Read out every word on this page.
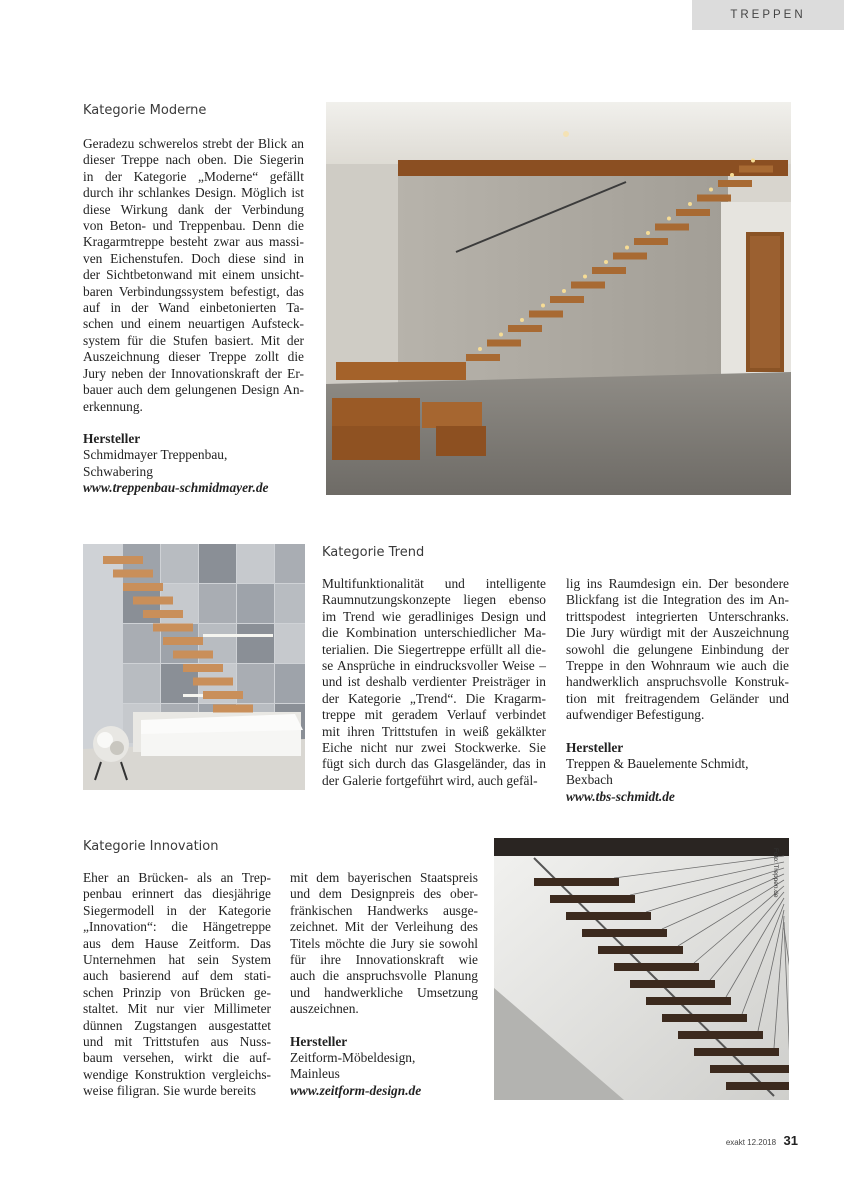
TREPPEN
Kategorie Moderne
Geradezu schwerelos strebt der Blick an
dieser Treppe nach oben. Die Siegerin
in der Kategorie „Moderne“ gefällt
durch ihr schlankes Design. Möglich ist
diese Wirkung dank der Verbindung
von Beton- und Treppenbau. Denn die
Kragarmtreppe besteht zwar aus massi-
ven Eichenstufen. Doch diese sind in
der Sichtbetonwand mit einem unsicht-
baren Verbindungssystem befestigt, das
auf in der Wand einbetonierten Ta-
schen und einem neuartigen Aufsteck-
system für die Stufen basiert. Mit der
Auszeichnung dieser Treppe zollt die
Jury neben der Innovationskraft der Er-
bauer auch dem gelungenen Design An-
erkennung.

Hersteller

Schmidmayer Treppenbau,

Schwabering

www.treppenbau-schmidmayer.de

Kategorie Trend
Multifunktionalität und intelligente
Raumnutzungskonzepte liegen ebenso
im Trend wie geradliniges Design und
die Kombination unterschiedlicher Ma-
terialien. Die Siegertreppe erfüllt all die-
se Ansprüche in eindrucksvoller Weise –
und ist deshalb verdienter Preisträger in
der Kategorie „Trend“. Die Kragarm-
treppe mit geradem Verlauf verbindet
mit ihren Trittstufen in weiß gekälkter
Eiche nicht nur zwei Stockwerke. Sie
fügt sich durch das Glasgeländer, das in
der Galerie fortgeführt wird, auch gefäl-
lig ins Raumdesign ein. Der besondere
Blickfang ist die Integration des im An-
trittspodest integrierten Unterschranks.
Die Jury würdigt mit der Auszeichnung
sowohl die gelungene Einbindung der
Treppe in den Wohnraum wie auch die
handwerklich anspruchsvolle Konstruk-
tion mit freitragendem Geländer und
aufwendiger Befestigung.

Hersteller

Treppen & Bauelemente Schmidt, Bexbach

www.tbs-schmidt.de

Kategorie Innovation
Eher an Brücken- als an Trep-
penbau erinnert das diesjährige
Siegermodell in der Kategorie
„Innovation“: die Hängetreppe
aus dem Hause Zeitform. Das
Unternehmen hat sein System
auch basierend auf dem stati-
schen Prinzip von Brücken ge-
staltet. Mit nur vier Millimeter
dünnen Zugstangen ausgestattet
und mit Trittstufen aus Nuss-
baum versehen, wirkt die auf-
wendige Konstruktion vergleichs-
weise filigran. Sie wurde bereits
mit dem bayerischen Staatspreis
und dem Designpreis des ober-
fränkischen Handwerks ausge-
zeichnet. Mit der Verleihung des
Titels möchte die Jury sie sowohl
für ihre Innovationskraft wie
auch die anspruchsvolle Planung
und handwerkliche Umsetzung
auszeichnen.

Hersteller

Zeitform-Möbeldesign,

Mainleus

www.zeitform-design.de

Foto: Treppen.de
exakt 12.2018 31
